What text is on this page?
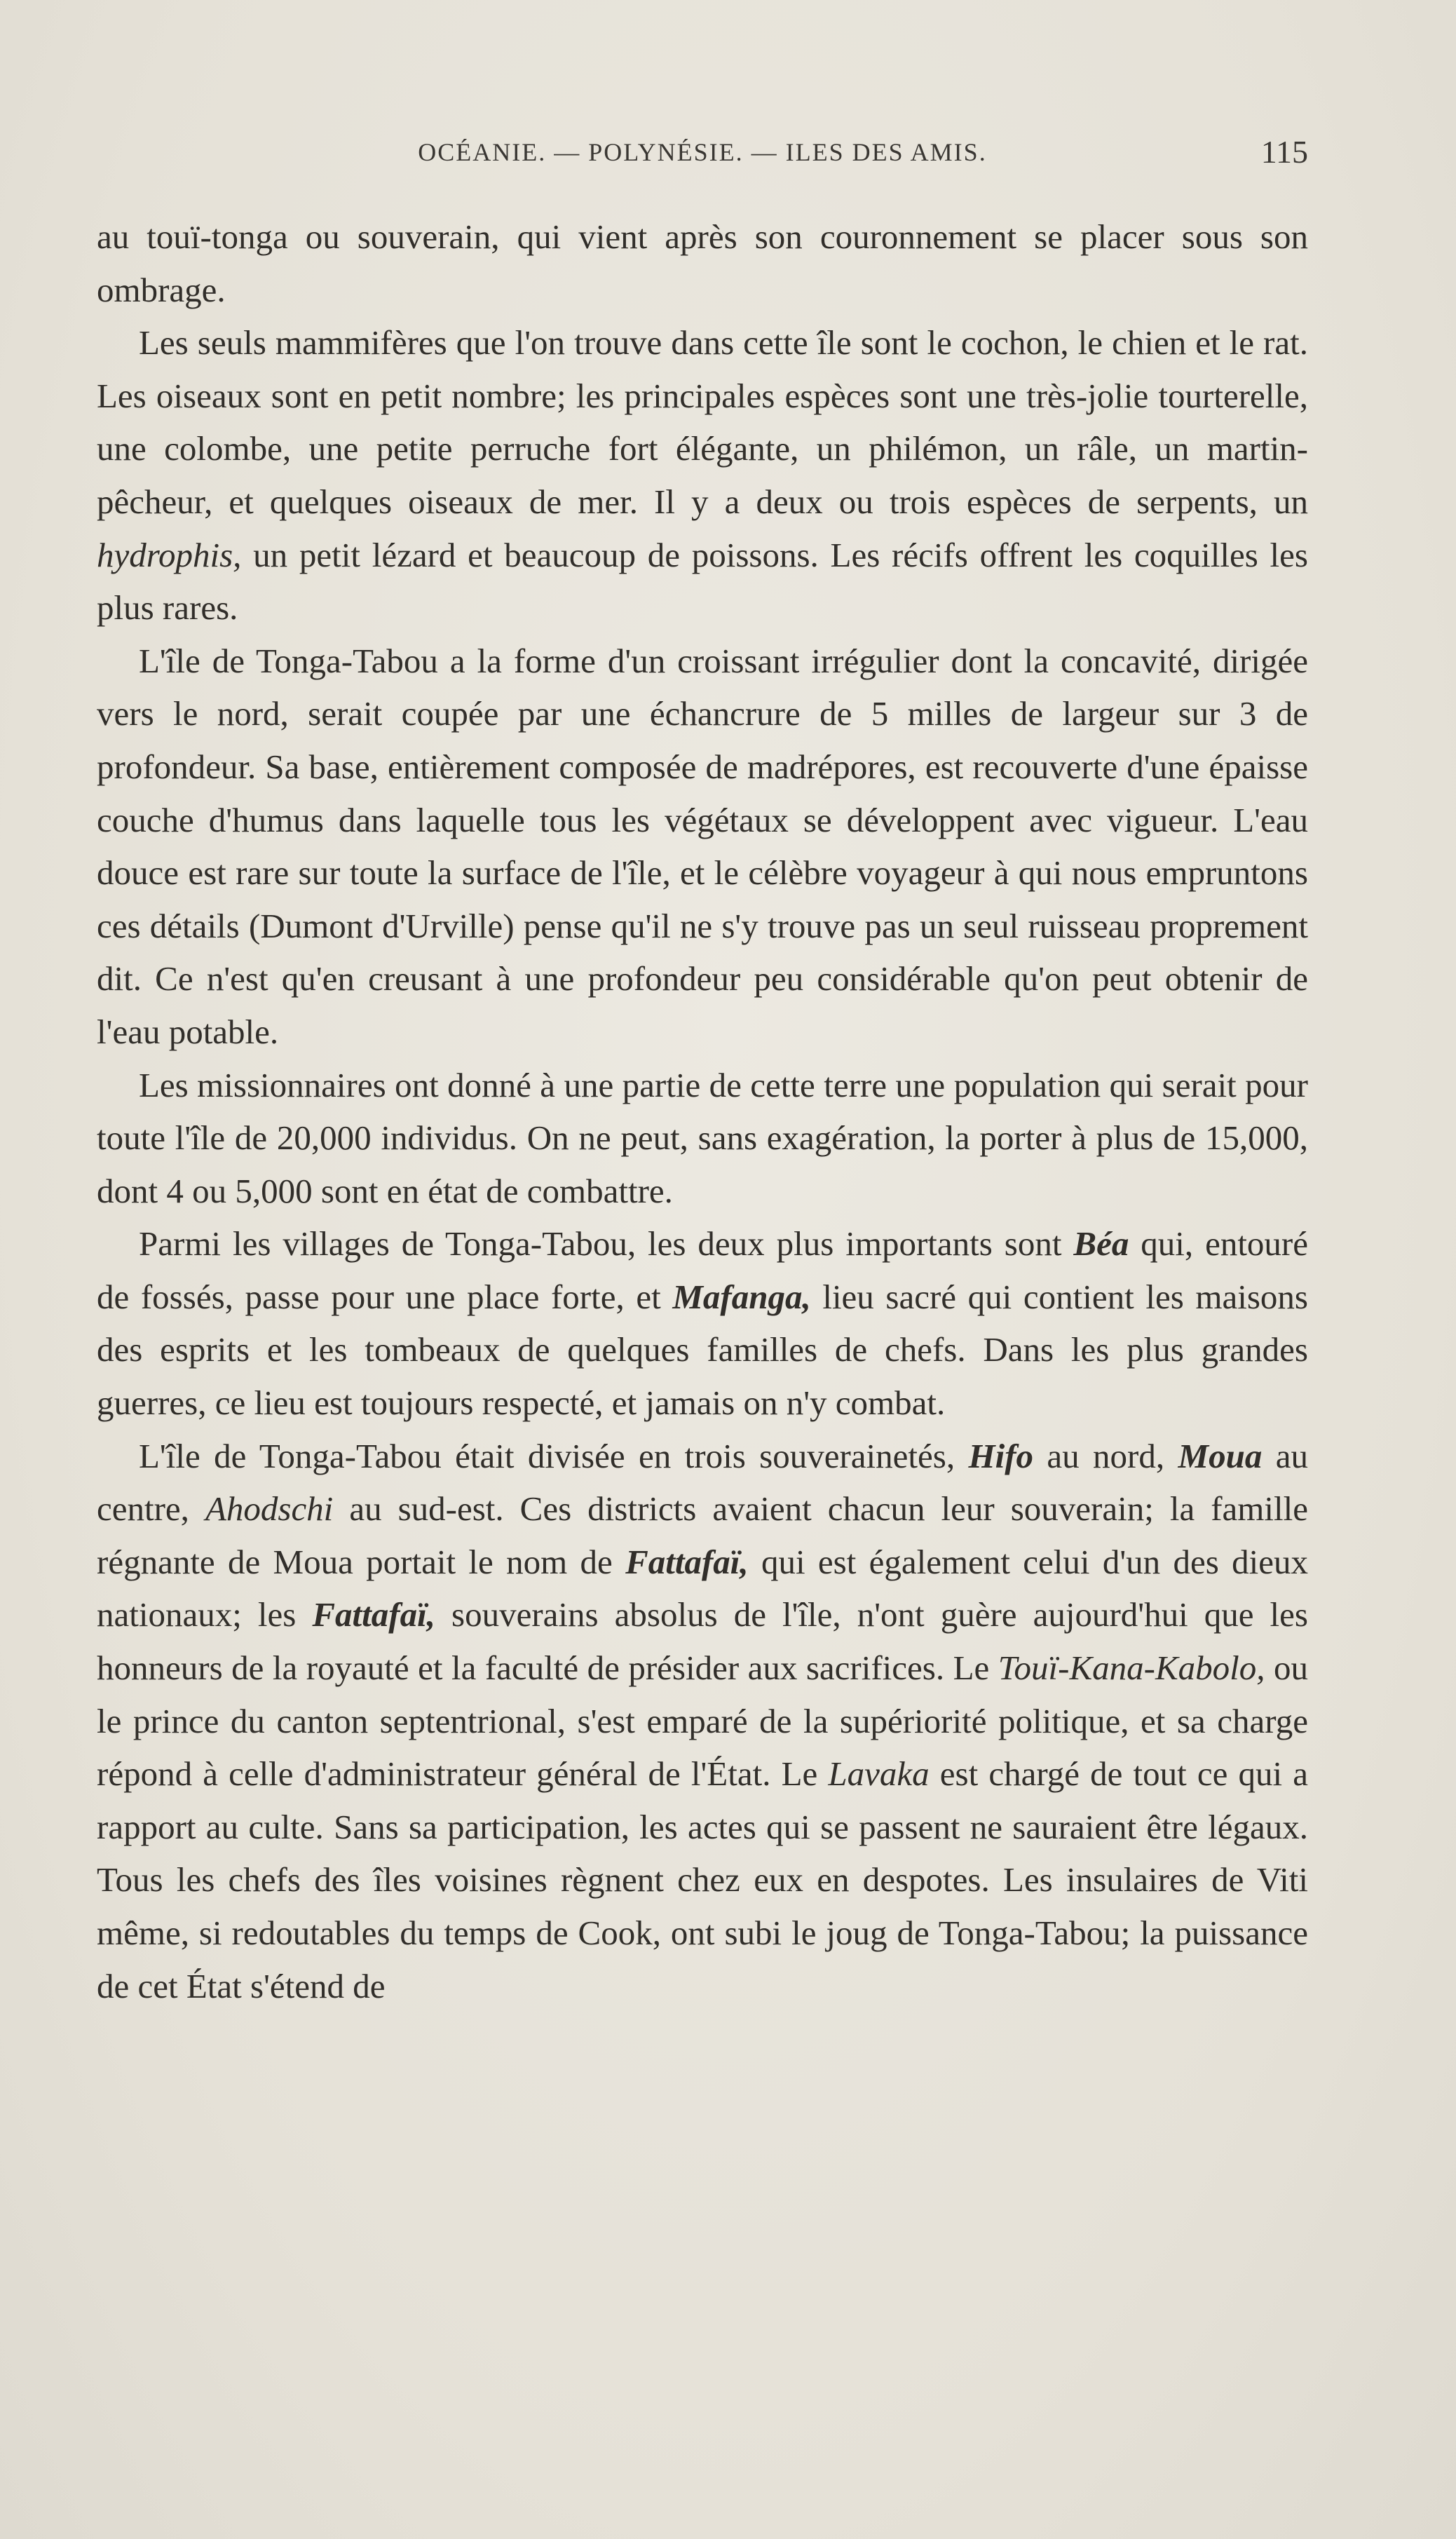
OCÉANIE. — POLYNÉSIE. — ILES DES AMIS.	115

au touï-tonga ou souverain, qui vient après son couronnement se placer sous son ombrage.

Les seuls mammifères que l'on trouve dans cette île sont le cochon, le chien et le rat. Les oiseaux sont en petit nombre; les principales espèces sont une très-jolie tourterelle, une colombe, une petite perruche fort élégante, un philémon, un râle, un martin-pêcheur, et quelques oiseaux de mer. Il y a deux ou trois espèces de serpents, un hydrophis, un petit lézard et beaucoup de poissons. Les récifs offrent les coquilles les plus rares.

L'île de Tonga-Tabou a la forme d'un croissant irrégulier dont la concavité, dirigée vers le nord, serait coupée par une échancrure de 5 milles de largeur sur 3 de profondeur. Sa base, entièrement composée de madrépores, est recouverte d'une épaisse couche d'humus dans laquelle tous les végétaux se développent avec vigueur. L'eau douce est rare sur toute la surface de l'île, et le célèbre voyageur à qui nous empruntons ces détails (Dumont d'Urville) pense qu'il ne s'y trouve pas un seul ruisseau proprement dit. Ce n'est qu'en creusant à une profondeur peu considérable qu'on peut obtenir de l'eau potable.

Les missionnaires ont donné à une partie de cette terre une population qui serait pour toute l'île de 20,000 individus. On ne peut, sans exagération, la porter à plus de 15,000, dont 4 ou 5,000 sont en état de combattre.

Parmi les villages de Tonga-Tabou, les deux plus importants sont Béa qui, entouré de fossés, passe pour une place forte, et Mafanga, lieu sacré qui contient les maisons des esprits et les tombeaux de quelques familles de chefs. Dans les plus grandes guerres, ce lieu est toujours respecté, et jamais on n'y combat.

L'île de Tonga-Tabou était divisée en trois souverainetés, Hifo au nord, Moua au centre, Ahodschi au sud-est. Ces districts avaient chacun leur souverain; la famille régnante de Moua portait le nom de Fattafaï, qui est également celui d'un des dieux nationaux; les Fattafaï, souverains absolus de l'île, n'ont guère aujourd'hui que les honneurs de la royauté et la faculté de présider aux sacrifices. Le Touï-Kana-Kabolo, ou le prince du canton septentrional, s'est emparé de la supériorité politique, et sa charge répond à celle d'administrateur général de l'État. Le Lavaka est chargé de tout ce qui a rapport au culte. Sans sa participation, les actes qui se passent ne sauraient être légaux. Tous les chefs des îles voisines règnent chez eux en despotes. Les insulaires de Viti même, si redoutables du temps de Cook, ont subi le joug de Tonga-Tabou; la puissance de cet État s'étend de
